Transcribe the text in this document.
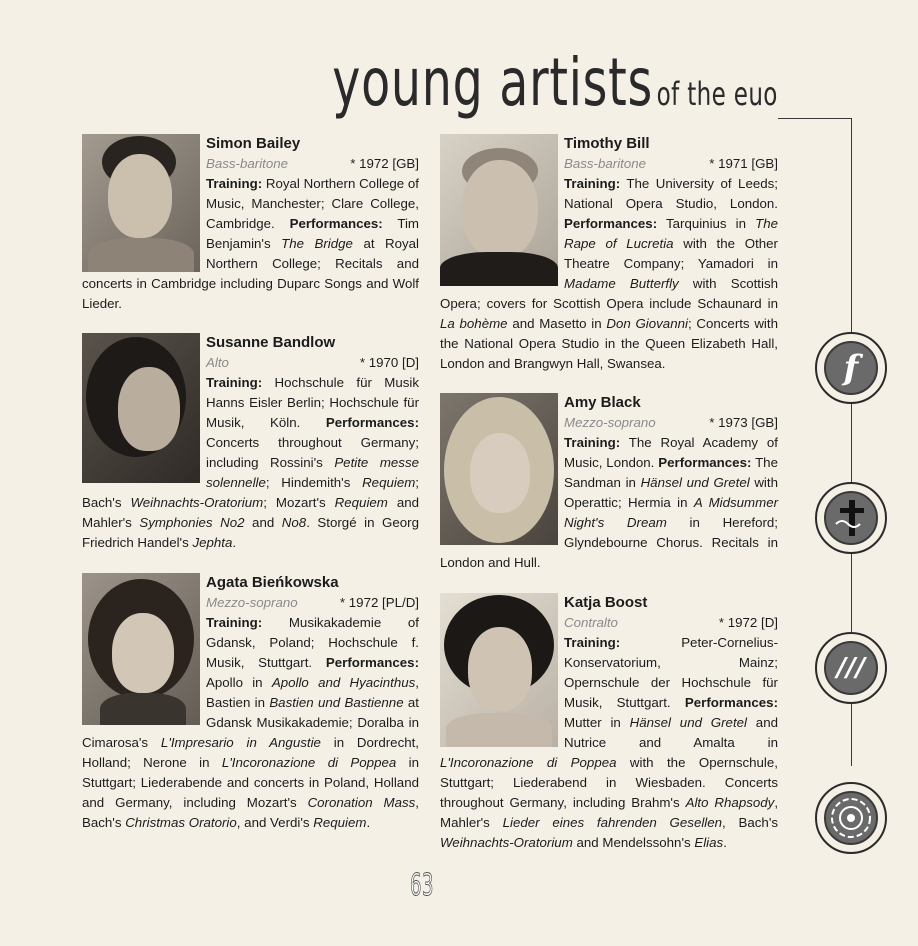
young artists of the euo
Simon Bailey
Bass-baritone	* 1972 [GB]
Training: Royal Northern College of Music, Manchester; Clare College, Cambridge. Performances: Tim Benjamin's The Bridge at Royal Northern College; Recitals and concerts in Cambridge including Duparc Songs and Wolf Lieder.
Susanne Bandlow
Alto	* 1970 [D]
Training: Hochschule für Musik Hanns Eisler Berlin; Hochschule für Musik, Köln. Performances: Concerts throughout Germany; including Rossini's Petite messe solennelle; Hindemith's Requiem; Bach's Weihnachts-Oratorium; Mozart's Requiem and Mahler's Symphonies No2 and No8. Storgé in Georg Friedrich Handel's Jephta.
Agata Bieńkowska
Mezzo-soprano	* 1972 [PL/D]
Training: Musikakademie of Gdansk, Poland; Hochschule f. Musik, Stuttgart. Performances: Apollo in Apollo and Hyacinthus, Bastien in Bastien und Bastienne at Gdansk Musikakademie; Doralba in Cimarosa's L'Impresario in Angustie in Dordrecht, Holland; Nerone in L'Incoronazione di Poppea in Stuttgart; Liederabende and concerts in Poland, Holland and Germany, including Mozart's Coronation Mass, Bach's Christmas Oratorio, and Verdi's Requiem.
Timothy Bill
Bass-baritone	* 1971 [GB]
Training: The University of Leeds; National Opera Studio, London. Performances: Tarquinius in The Rape of Lucretia with the Other Theatre Company; Yamadori in Madame Butterfly with Scottish Opera; covers for Scottish Opera include Schaunard in La bohème and Masetto in Don Giovanni; Concerts with the National Opera Studio in the Queen Elizabeth Hall, London and Brangwyn Hall, Swansea.
Amy Black
Mezzo-soprano	* 1973 [GB]
Training: The Royal Academy of Music, London. Performances: The Sandman in Hänsel und Gretel with Operattic; Hermia in A Midsummer Night's Dream in Hereford; Glyndebourne Chorus. Recitals in London and Hull.
Katja Boost
Contralto	* 1972 [D]
Training:	Peter-Cornelius-Konservatorium, Mainz; Opernschule der Hochschule für Musik, Stuttgart. Performances: Mutter in Hänsel und Gretel and Nutrice and Amalta in L'Incoronazione di Poppea with the Opernschule, Stuttgart; Liederabend in Wiesbaden. Concerts throughout Germany, including Brahm's Alto Rhapsody, Mahler's Lieder eines fahrenden Gesellen, Bach's Weihnachts-Oratorium and Mendelssohn's Elias.
f
///
63
